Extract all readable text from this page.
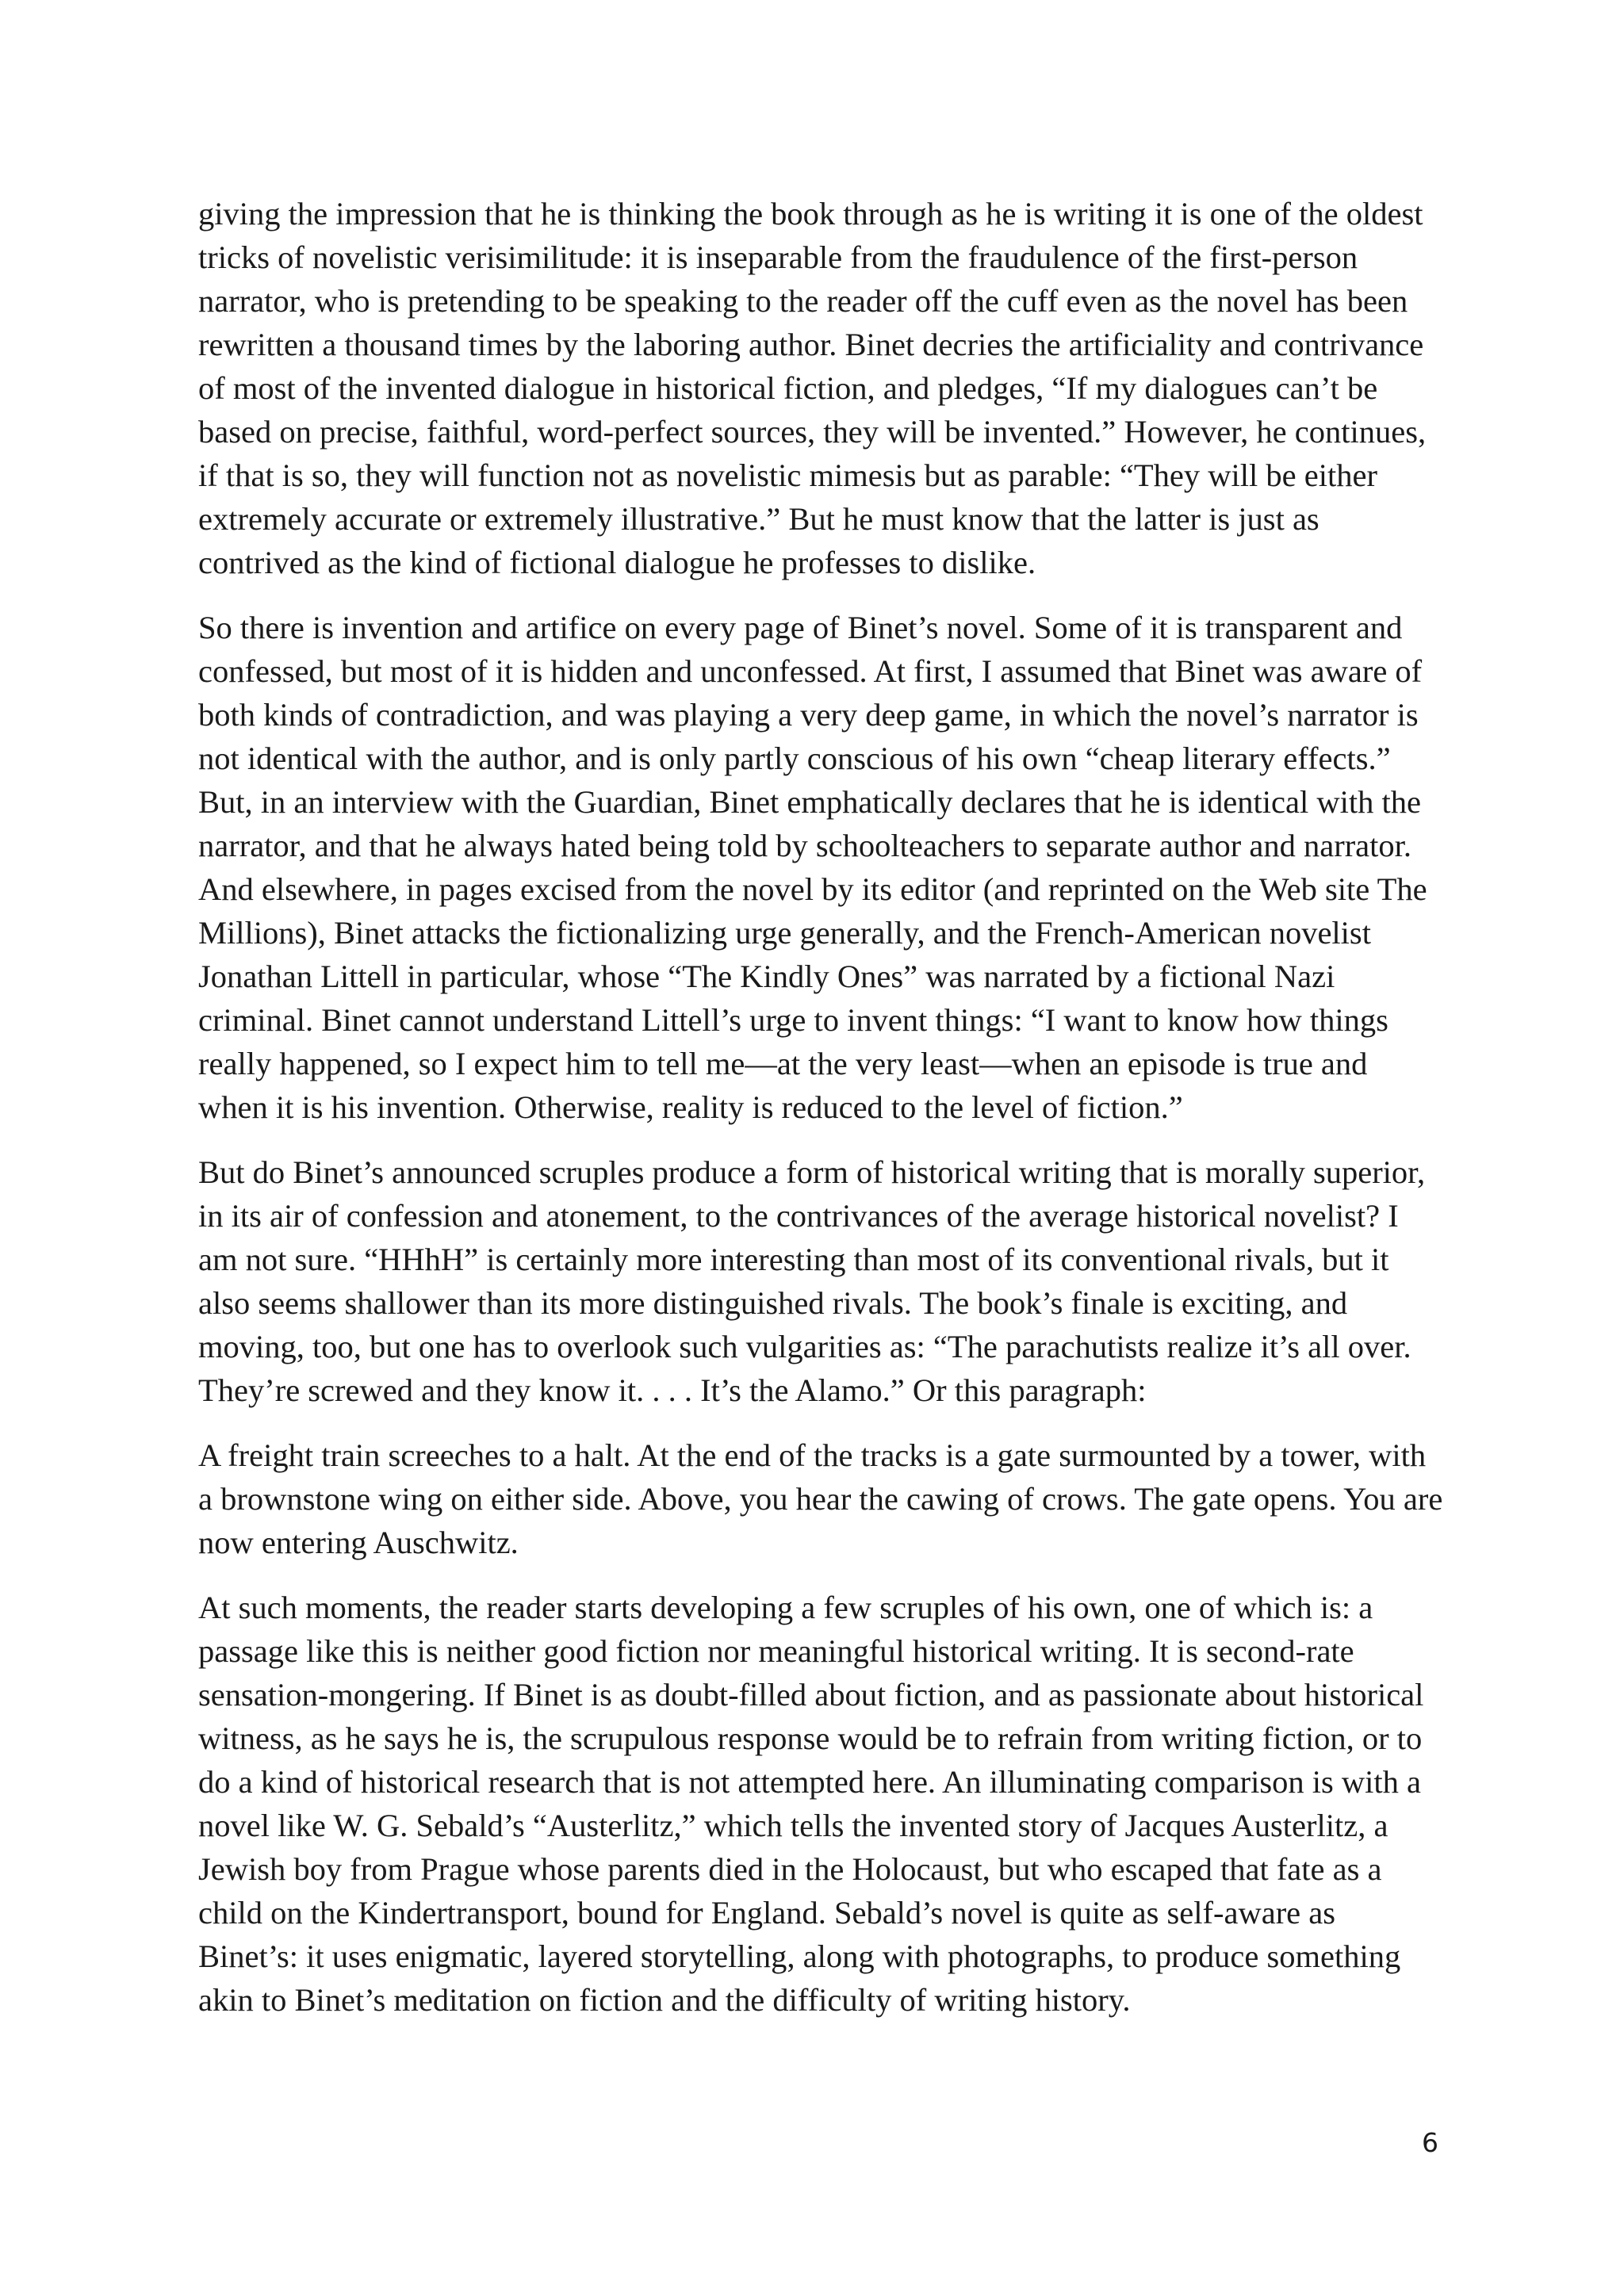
giving the impression that he is thinking the book through as he is writing it is one of the oldest tricks of novelistic verisimilitude: it is inseparable from the fraudulence of the first-person narrator, who is pretending to be speaking to the reader off the cuff even as the novel has been rewritten a thousand times by the laboring author. Binet decries the artificiality and contrivance of most of the invented dialogue in historical fiction, and pledges, “If my dialogues can’t be based on precise, faithful, word-perfect sources, they will be invented.” However, he continues, if that is so, they will function not as novelistic mimesis but as parable: “They will be either extremely accurate or extremely illustrative.” But he must know that the latter is just as contrived as the kind of fictional dialogue he professes to dislike.

So there is invention and artifice on every page of Binet’s novel. Some of it is transparent and confessed, but most of it is hidden and unconfessed. At first, I assumed that Binet was aware of both kinds of contradiction, and was playing a very deep game, in which the novel’s narrator is not identical with the author, and is only partly conscious of his own “cheap literary effects.” But, in an interview with the Guardian, Binet emphatically declares that he is identical with the narrator, and that he always hated being told by schoolteachers to separate author and narrator. And elsewhere, in pages excised from the novel by its editor (and reprinted on the Web site The Millions), Binet attacks the fictionalizing urge generally, and the French-American novelist Jonathan Littell in particular, whose “The Kindly Ones” was narrated by a fictional Nazi criminal. Binet cannot understand Littell’s urge to invent things: “I want to know how things really happened, so I expect him to tell me—at the very least—when an episode is true and when it is his invention. Otherwise, reality is reduced to the level of fiction.”

But do Binet’s announced scruples produce a form of historical writing that is morally superior, in its air of confession and atonement, to the contrivances of the average historical novelist? I am not sure. “HHhH” is certainly more interesting than most of its conventional rivals, but it also seems shallower than its more distinguished rivals. The book’s finale is exciting, and moving, too, but one has to overlook such vulgarities as: “The parachutists realize it’s all over. They’re screwed and they know it. . . . It’s the Alamo.” Or this paragraph:

A freight train screeches to a halt. At the end of the tracks is a gate surmounted by a tower, with a brownstone wing on either side. Above, you hear the cawing of crows. The gate opens. You are now entering Auschwitz.

At such moments, the reader starts developing a few scruples of his own, one of which is: a passage like this is neither good fiction nor meaningful historical writing. It is second-rate sensation-mongering. If Binet is as doubt-filled about fiction, and as passionate about historical witness, as he says he is, the scrupulous response would be to refrain from writing fiction, or to do a kind of historical research that is not attempted here. An illuminating comparison is with a novel like W. G. Sebald’s “Austerlitz,” which tells the invented story of Jacques Austerlitz, a Jewish boy from Prague whose parents died in the Holocaust, but who escaped that fate as a child on the Kindertransport, bound for England. Sebald’s novel is quite as self-aware as Binet’s: it uses enigmatic, layered storytelling, along with photographs, to produce something akin to Binet’s meditation on fiction and the difficulty of writing history.

6
